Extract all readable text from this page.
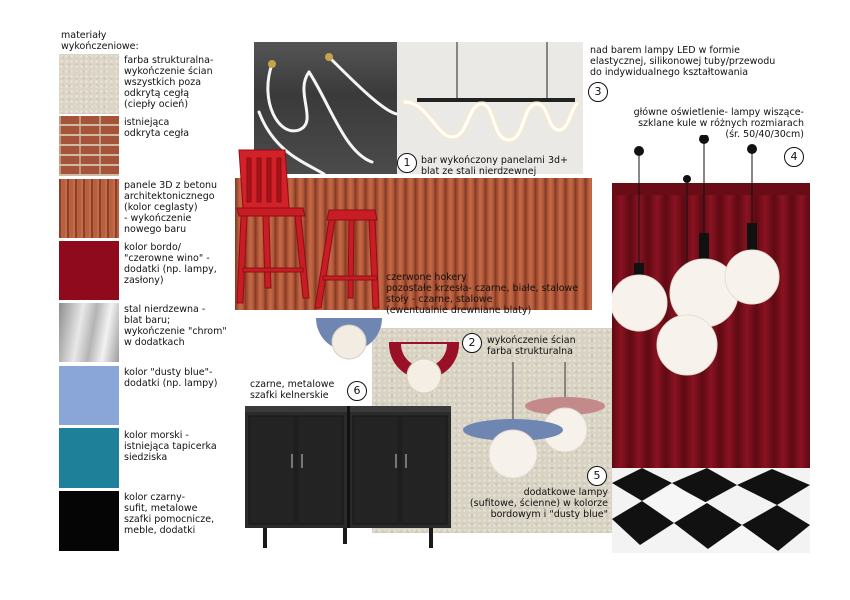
materiały
wykończeniowe:
farba strukturalna-
wykończenie ścian
wszystkich poza
odkrytą cegłą
(ciepły ocień)
istniejąca
odkryta cegła
panele 3D z betonu
architektonicznego
(kolor ceglasty)
- wykończenie
nowego baru
kolor bordo/
"czerowne wino" -
dodatki (np. lampy,
zasłony)
stal nierdzewna -
blat baru;
wykończenie "chrom"
w dodatkach
kolor "dusty blue"-
dodatki (np. lampy)
kolor morski -
istniejąca tapicerka
siedziska
kolor czarny-
sufit, metalowe
szafki pomocnicze,
meble, dodatki
nad barem lampy LED w formie
elastycznej, silikonowej tuby/przewodu
do indywidualnego kształtowania
3
1	bar wykończony panelami 3d+
blat ze stali nierdzewnej
czerwone hokery
pozostałe krzesła- czarne, białe, stalowe
stoły - czarne, stalowe
(ewentualnie drewniane blaty)
2	wykończenie ścian
farba strukturalna
5
dodatkowe lampy
(sufitowe, ścienne) w kolorze
bordowym i "dusty blue"
czarne, metalowe
szafki kelnerskie	6
główne oświetlenie- lampy wiszące-
szklane kule w różnych rozmiarach
(śr. 50/40/30cm)
4
